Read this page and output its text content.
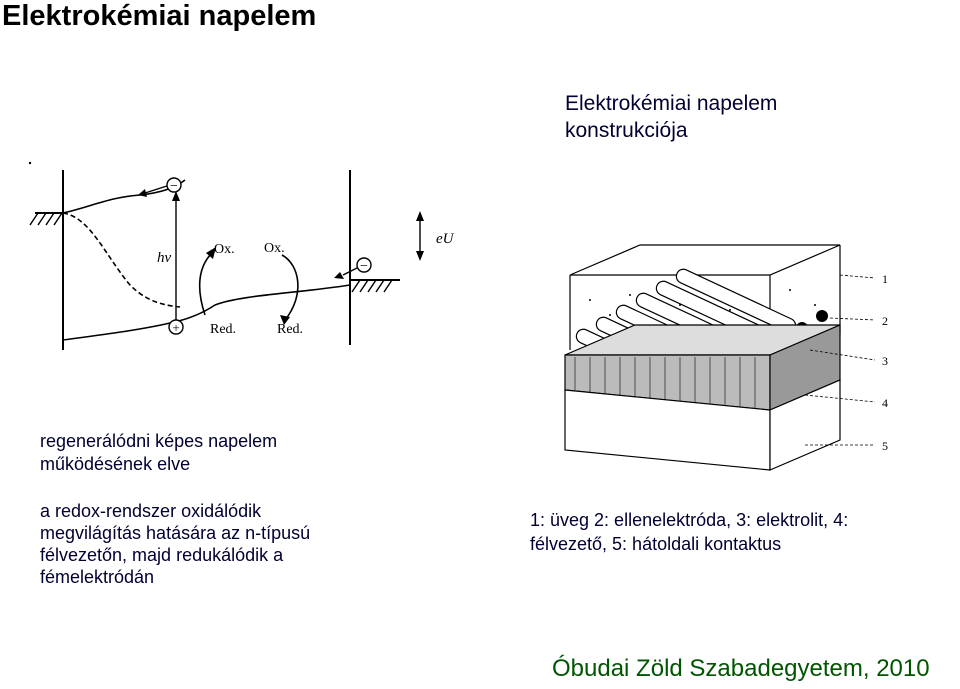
Elektrokémiai napelem
Elektrokémiai napelem
konstrukciója
−
+
hν
Ox. Ox.
Red.	Red.
−
eU
1
2
3
4
5
regenerálódni képes napelem
működésének elve
a redox-rendszer oxidálódik
megvilágítás hatására az n-típusú
félvezetőn, majd redukálódik a
fémelektródán
1: üveg 2: ellenelektróda, 3: elektrolit, 4:
félvezető, 5: hátoldali kontaktus
Óbudai Zöld Szabadegyetem, 2010
